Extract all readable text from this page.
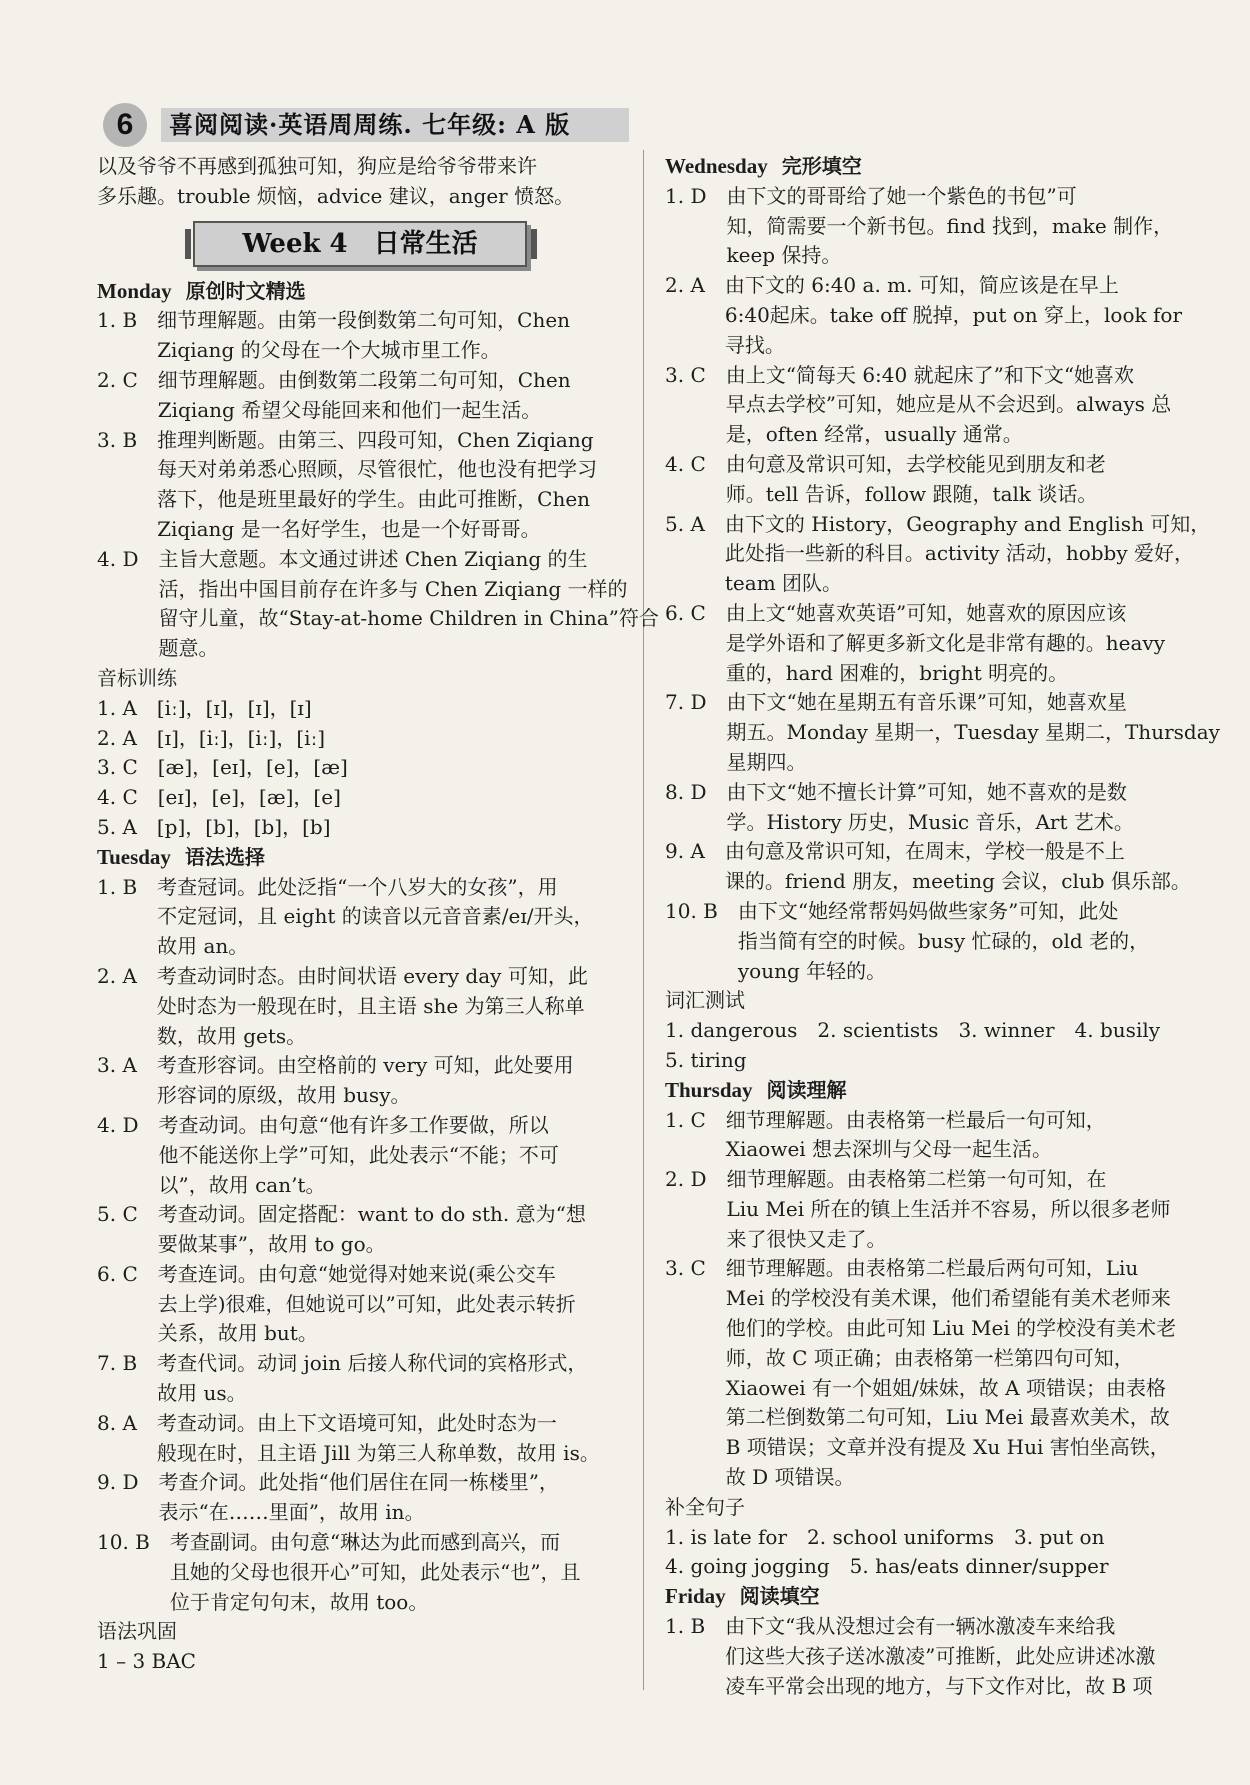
6	喜阅阅读·英语周周练. 七年级: A 版
以及爷爷不再感到孤独可知，狗应是给爷爷带来许
多乐趣。trouble 烦恼，advice 建议，anger 愤怒。
Week 4　日常生活
Monday 原创时文精选
1. B　 细节理解题。由第一段倒数第二句可知，Chen
Ziqiang 的父母在一个大城市里工作。
2. C　 细节理解题。由倒数第二段第二句可知，Chen
Ziqiang 希望父母能回来和他们一起生活。
3. B　 推理判断题。由第三、四段可知，Chen Ziqiang
每天对弟弟悉心照顾，尽管很忙，他也没有把学习
落下，他是班里最好的学生。由此可推断，Chen
Ziqiang 是一名好学生，也是一个好哥哥。
4. D　 主旨大意题。本文通过讲述 Chen Ziqiang 的生
活，指出中国目前存在许多与 Chen Ziqiang 一样的
留守儿童，故“Stay-at-home Children in China”符合
题意。
音标训练
1. A　[iː]，[ɪ]，[ɪ]，[ɪ]
2. A　[ɪ]，[iː]，[iː]，[iː]
3. C　[æ]，[eɪ]，[e]，[æ]
4. C　[eɪ]，[e]，[æ]，[e]
5. A　[p]，[b]，[b]，[b]
Tuesday 语法选择
1. B　 考查冠词。此处泛指“一个八岁大的女孩”，用
不定冠词，且 eight 的读音以元音音素/eɪ/开头，
故用 an。
2. A　 考查动词时态。由时间状语 every day 可知，此
处时态为一般现在时，且主语 she 为第三人称单
数，故用 gets。
3. A　 考查形容词。由空格前的 very 可知，此处要用
形容词的原级，故用 busy。
4. D　 考查动词。由句意“他有许多工作要做，所以
他不能送你上学”可知，此处表示“不能；不可
以”，故用 can’t。
5. C　 考查动词。固定搭配：want to do sth. 意为“想
要做某事”，故用 to go。
6. C　 考查连词。由句意“她觉得对她来说(乘公交车
去上学)很难，但她说可以”可知，此处表示转折
关系，故用 but。
7. B　 考查代词。动词 join 后接人称代词的宾格形式，
故用 us。
8. A　 考查动词。由上下文语境可知，此处时态为一
般现在时，且主语 Jill 为第三人称单数，故用 is。
9. D　 考查介词。此处指“他们居住在同一栋楼里”，
表示“在……里面”，故用 in。
10. B　 考查副词。由句意“琳达为此而感到高兴，而
且她的父母也很开心”可知，此处表示“也”，且
位于肯定句句末，故用 too。
语法巩固
1 – 3 BAC
Wednesday 完形填空
1. D　 由下文的哥哥给了她一个紫色的书包”可
知，简需要一个新书包。find 找到，make 制作，
keep 保持。
2. A　 由下文的 6:40 a. m. 可知，简应该是在早上
6:40起床。take off 脱掉，put on 穿上，look for
寻找。
3. C　 由上文“简每天 6:40 就起床了”和下文“她喜欢
早点去学校”可知，她应是从不会迟到。always 总
是，often 经常，usually 通常。
4. C　 由句意及常识可知，去学校能见到朋友和老
师。tell 告诉，follow 跟随，talk 谈话。
5. A　 由下文的 History，Geography and English 可知，
此处指一些新的科目。activity 活动，hobby 爱好，
team 团队。
6. C　 由上文“她喜欢英语”可知，她喜欢的原因应该
是学外语和了解更多新文化是非常有趣的。heavy
重的，hard 困难的，bright 明亮的。
7. D　 由下文“她在星期五有音乐课”可知，她喜欢星
期五。Monday 星期一，Tuesday 星期二，Thursday
星期四。
8. D　 由下文“她不擅长计算”可知，她不喜欢的是数
学。History 历史，Music 音乐，Art 艺术。
9. A　 由句意及常识可知，在周末，学校一般是不上
课的。friend 朋友，meeting 会议，club 俱乐部。
10. B　 由下文“她经常帮妈妈做些家务”可知，此处
指当简有空的时候。busy 忙碌的，old 老的，
young 年轻的。
词汇测试
1. dangerous　2. scientists　3. winner　4. busily
5. tiring
Thursday 阅读理解
1. C　 细节理解题。由表格第一栏最后一句可知，
Xiaowei 想去深圳与父母一起生活。
2. D　 细节理解题。由表格第二栏第一句可知，在
Liu Mei 所在的镇上生活并不容易，所以很多老师
来了很快又走了。
3. C　 细节理解题。由表格第二栏最后两句可知，Liu
Mei 的学校没有美术课，他们希望能有美术老师来
他们的学校。由此可知 Liu Mei 的学校没有美术老
师，故 C 项正确；由表格第一栏第四句可知，
Xiaowei 有一个姐姐/妹妹，故 A 项错误；由表格
第二栏倒数第二句可知，Liu Mei 最喜欢美术，故
B 项错误；文章并没有提及 Xu Hui 害怕坐高铁，
故 D 项错误。
补全句子
1. is late for　2. school uniforms　3. put on
4. going jogging　5. has/eats dinner/supper
Friday 阅读填空
1. B　 由下文“我从没想过会有一辆冰激凌车来给我
们这些大孩子送冰激凌”可推断，此处应讲述冰激
凌车平常会出现的地方，与下文作对比，故 B 项
